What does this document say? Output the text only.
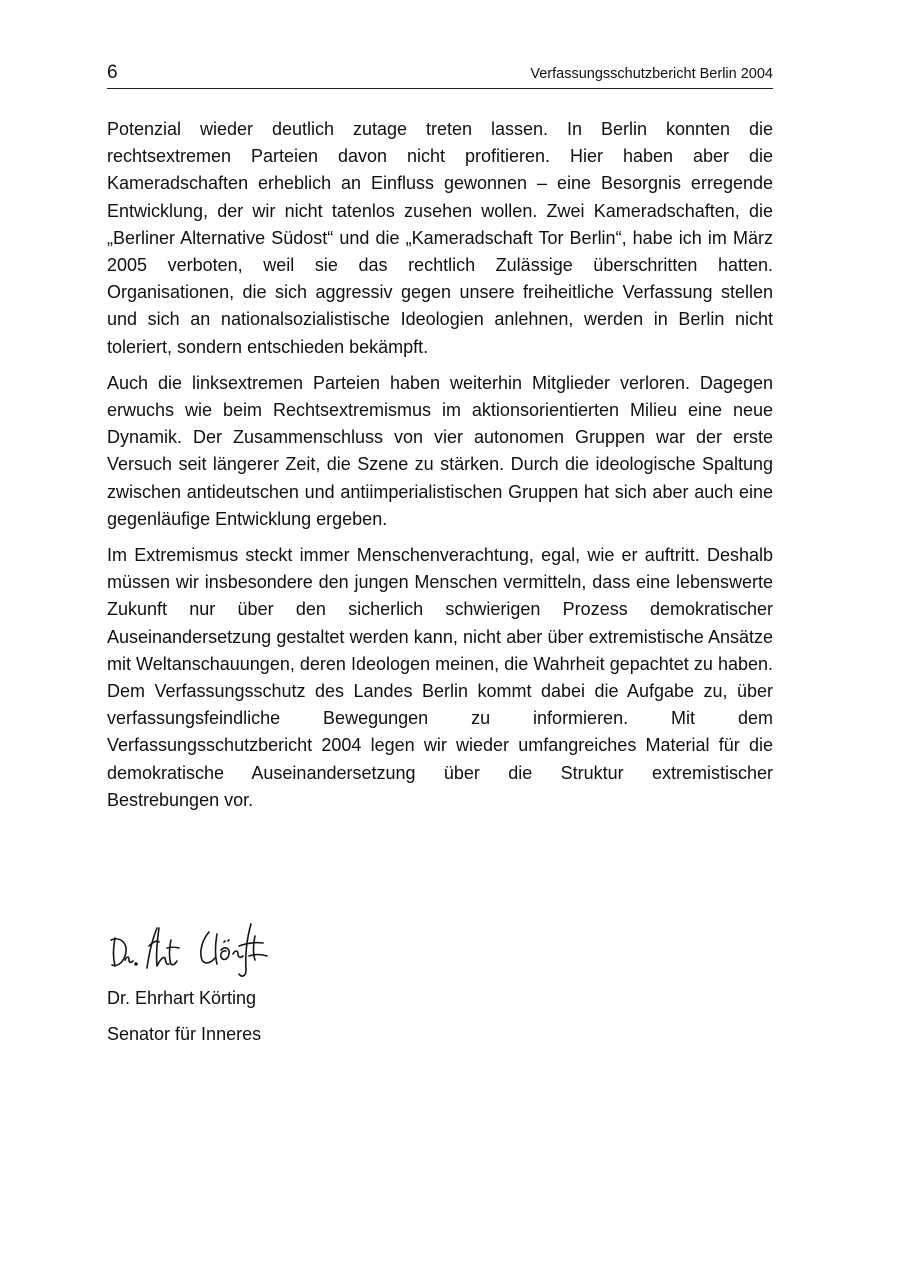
6	Verfassungsschutzbericht Berlin 2004

Potenzial wieder deutlich zutage treten lassen. In Berlin konnten die rechtsextremen Parteien davon nicht profitieren. Hier haben aber die Kameradschaften erheblich an Einfluss gewonnen – eine Besorgnis erregende Entwicklung, der wir nicht tatenlos zusehen wollen. Zwei Kameradschaften, die „Berliner Alternative Südost“ und die „Kameradschaft Tor Berlin“, habe ich im März 2005 verboten, weil sie das rechtlich Zulässige überschritten hatten. Organisationen, die sich aggressiv gegen unsere freiheitliche Verfassung stellen und sich an nationalsozialistische Ideologien anlehnen, werden in Berlin nicht toleriert, sondern entschieden bekämpft.

Auch die linksextremen Parteien haben weiterhin Mitglieder verloren. Dagegen erwuchs wie beim Rechtsextremismus im aktionsorientierten Milieu eine neue Dynamik. Der Zusammenschluss von vier autonomen Gruppen war der erste Versuch seit längerer Zeit, die Szene zu stärken. Durch die ideologische Spaltung zwischen antideutschen und antiimperialistischen Gruppen hat sich aber auch eine gegenläufige Entwicklung ergeben.

Im Extremismus steckt immer Menschenverachtung, egal, wie er auftritt. Deshalb müssen wir insbesondere den jungen Menschen vermitteln, dass eine lebenswerte Zukunft nur über den sicherlich schwierigen Prozess demokratischer Auseinandersetzung gestaltet werden kann, nicht aber über extremistische Ansätze mit Weltanschauungen, deren Ideologen meinen, die Wahrheit gepachtet zu haben. Dem Verfassungsschutz des Landes Berlin kommt dabei die Aufgabe zu, über verfassungsfeindliche Bewegungen zu informieren. Mit dem Verfassungsschutzbericht 2004 legen wir wieder umfangreiches Material für die demokratische Auseinandersetzung über die Struktur extremistischer Bestrebungen vor.

Dr. Ehrhart Körting
Senator für Inneres
